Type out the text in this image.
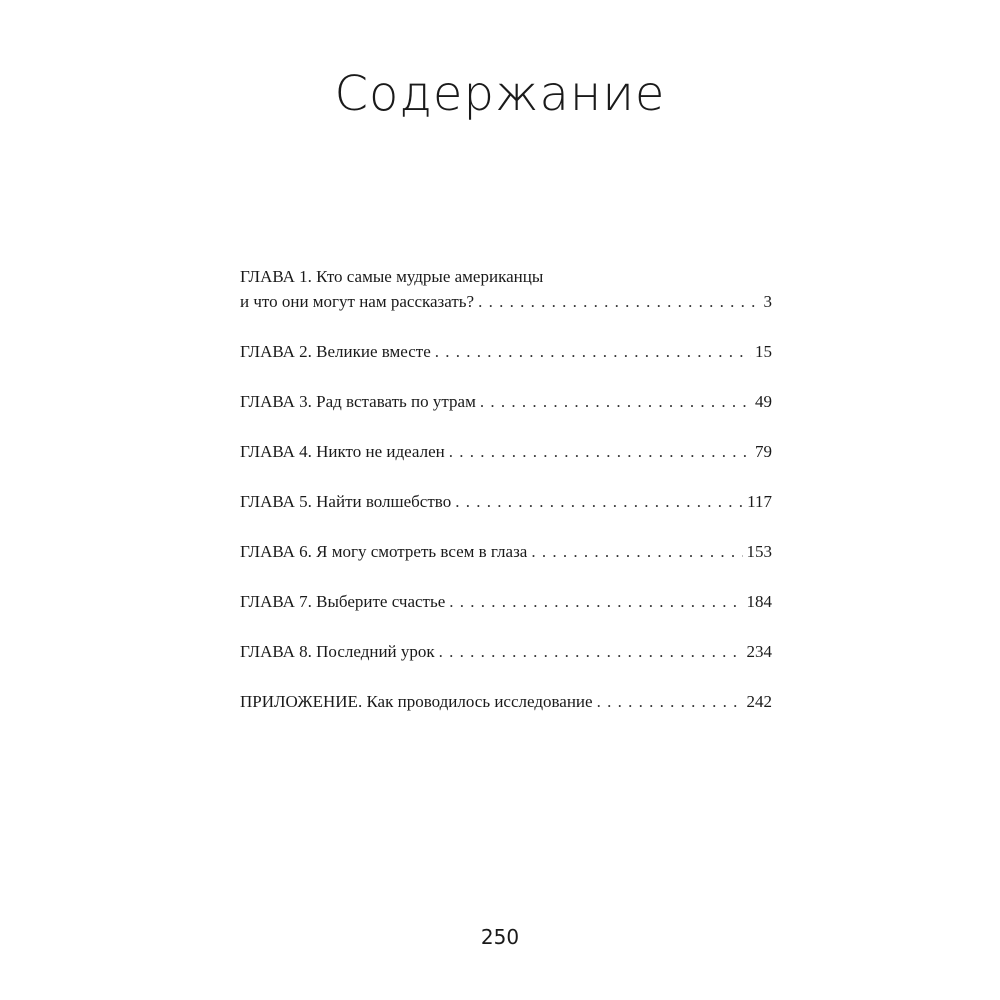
Содержание
ГЛАВА 1. Кто самые мудрые американцы
и что они могут нам рассказать? . . .	3
ГЛАВА 2. Великие вместе . . .	15
ГЛАВА 3. Рад вставать по утрам . . .	49
ГЛАВА 4. Никто не идеален . . .	79
ГЛАВА 5. Найти волшебство . . .	117
ГЛАВА 6. Я могу смотреть всем в глаза . . .	153
ГЛАВА 7. Выберите счастье . . .	184
ГЛАВА 8. Последний урок . . .	234
ПРИЛОЖЕНИЕ. Как проводилось исследование . . .	242
250
